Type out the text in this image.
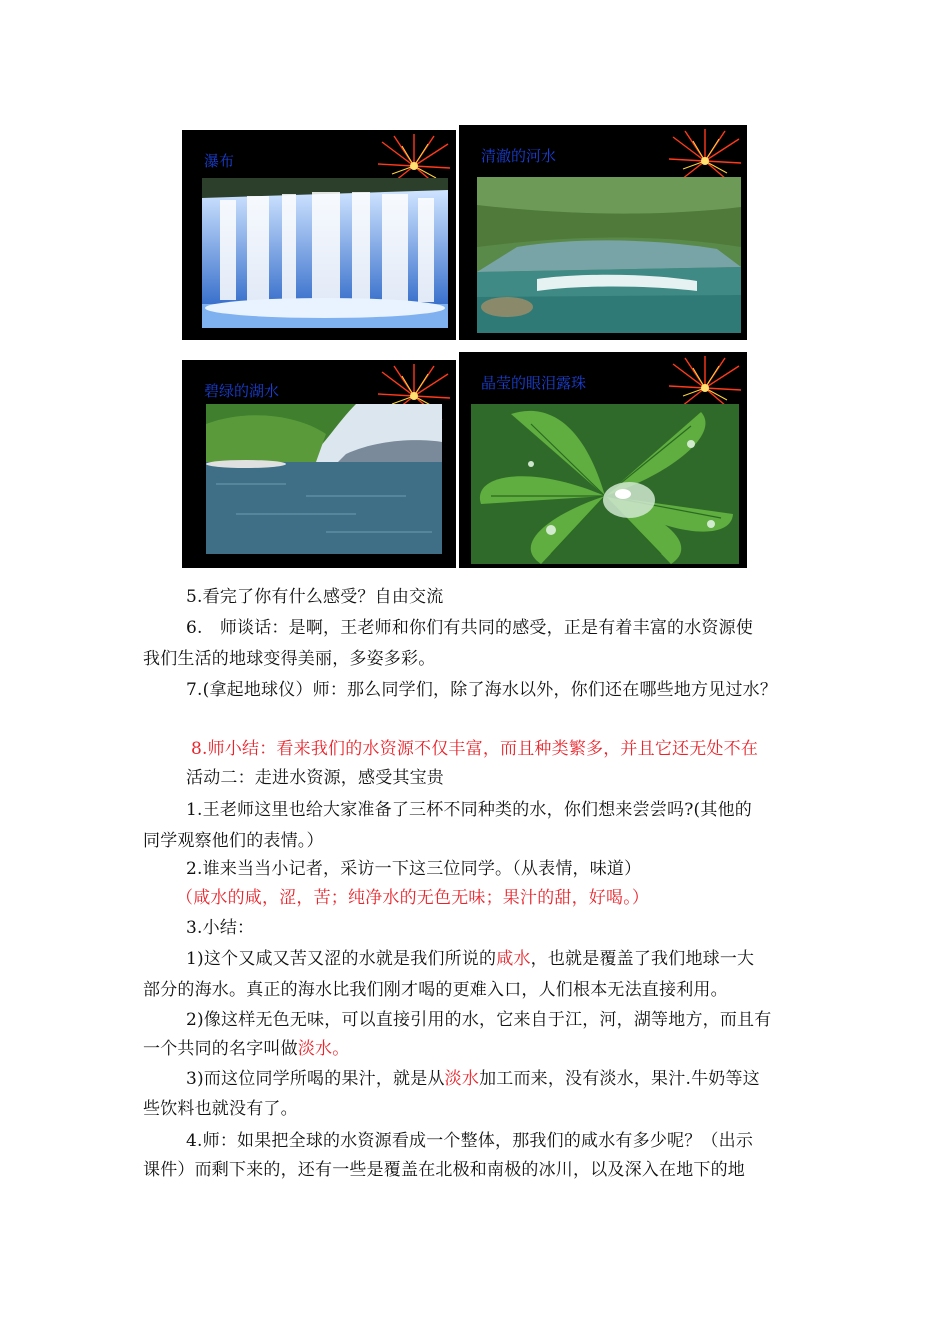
瀑布	清澈的河水
碧绿的湖水	晶莹的眼泪露珠
5.看完了你有什么感受？自由交流
6.　师谈话：是啊，王老师和你们有共同的感受，正是有着丰富的水资源使
我们生活的地球变得美丽，多姿多彩。
7.(拿起地球仪）师：那么同学们，除了海水以外，你们还在哪些地方见过水？
8.师小结：看来我们的水资源不仅丰富，而且种类繁多，并且它还无处不在
活动二：走进水资源，感受其宝贵
1.王老师这里也给大家准备了三杯不同种类的水，你们想来尝尝吗?(其他的
同学观察他们的表情。）
2.谁来当当小记者，采访一下这三位同学。（从表情，味道）
（咸水的咸，涩，苦；纯净水的无色无味；果汁的甜，好喝。）
3.小结：
1)这个又咸又苦又涩的水就是我们所说的咸水，也就是覆盖了我们地球一大
部分的海水。真正的海水比我们刚才喝的更难入口，人们根本无法直接利用。
2)像这样无色无味，可以直接引用的水，它来自于江，河，湖等地方，而且有
一个共同的名字叫做淡水。
3)而这位同学所喝的果汁，就是从淡水加工而来，没有淡水，果汁.牛奶等这
些饮料也就没有了。
4.师：如果把全球的水资源看成一个整体，那我们的咸水有多少呢？（出示
课件）而剩下来的，还有一些是覆盖在北极和南极的冰川，以及深入在地下的地
